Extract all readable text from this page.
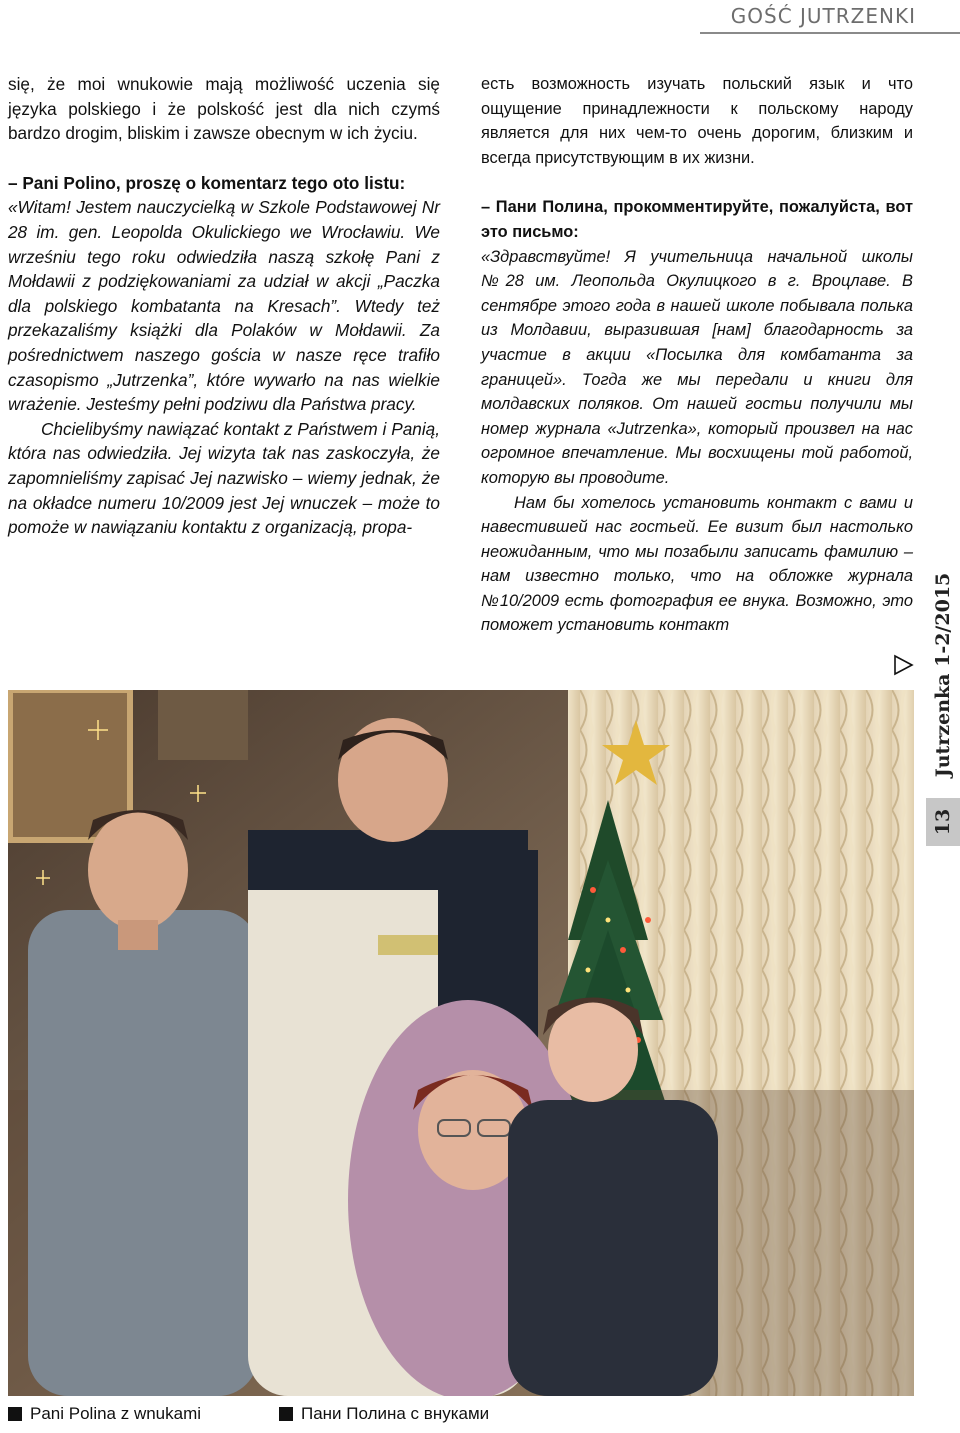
GOŚĆ JUTRZENKI

się, że moi wnukowie mają możliwość uczenia się języka polskiego i że polskość jest dla nich czymś bardzo drogim, bliskim i zawsze obecnym w ich życiu.

– Pani Polino, proszę o komentarz tego oto listu:

«Witam! Jestem nauczycielką w Szkole Podstawowej Nr 28 im. gen. Leopolda Okulickiego we Wrocławiu. We wrześniu tego roku odwiedziła naszą szkołę Pani z Mołdawii z podziękowaniami za udział w akcji „Paczka dla polskiego kombatanta na Kresach”. Wtedy też przekazaliśmy książki dla Polaków w Mołdawii. Za pośrednictwem naszego gościa w nasze ręce trafiło czasopismo „Jutrzenka”, które wywarło na nas wielkie wrażenie. Jesteśmy pełni podziwu dla Państwa pracy.

Chcielibyśmy nawiązać kontakt z Państwem i Panią, która nas odwiedziła. Jej wizyta tak nas zaskoczyła, że zapomnieliśmy zapisać Jej nazwisko – wiemy jednak, że na okładce numeru 10/2009 jest Jej wnuczek – może to pomoże w nawiązaniu kontaktu z organizacją, propa-

есть возможность изучать польский язык и что ощущение принадлежности к польскому народу является для них чем-то очень дорогим, близким и всегда присутствующим в их жизни.

– Пани Полина, прокомментируйте, пожалуйста, вот это письмо:

«Здравствуйте! Я учительница начальной школы №28 им. Леопольда Окулицкого в г. Вроцлаве. В сентябре этого года в нашей школе побывала полька из Молдавии, выразившая [нам] благодарность за участие в акции «Посылка для комбатанта за границей». Тогда же мы передали и книги для молдавских поляков. От нашей гостьи получили мы номер журнала «Jutrzenka», который произвел на нас огромное впечатление. Мы восхищены той работой, которую вы проводите.

Нам бы хотелось установить контакт с вами и навестившей нас гостьей. Ее визит был настолько неожиданным, что мы позабыли записать фамилию – нам известно только, что на обложке журнала №10/2009 есть фотография ее внука. Возможно, это поможет установить контакт	Jutrzenka 1-2/2015
13
Pani Polina z wnukami	Пани Полина с внуками
